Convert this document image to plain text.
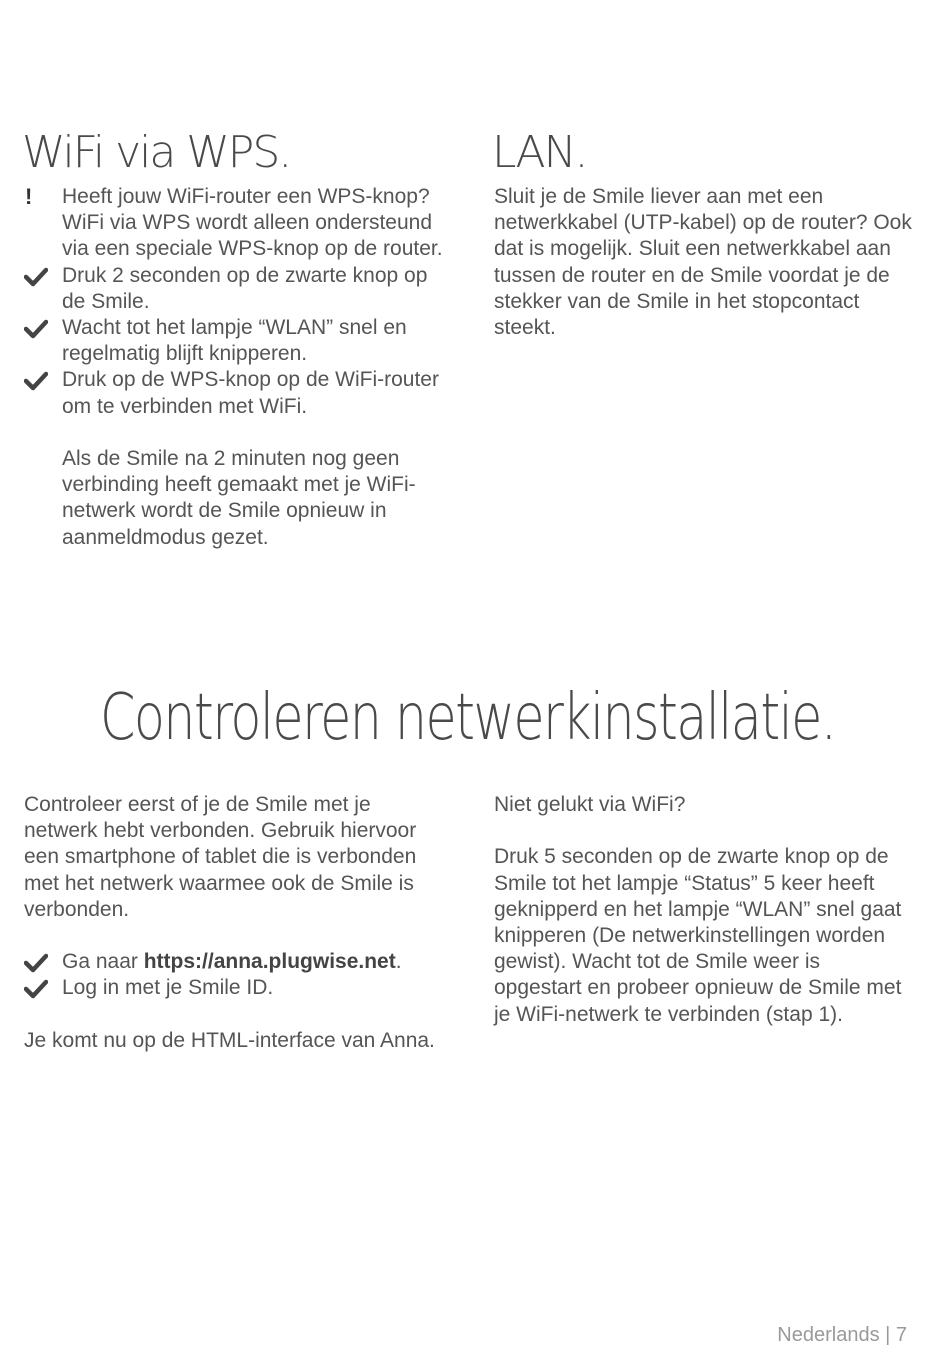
WiFi via WPS.
! Heeft jouw WiFi-router een WPS-knop? WiFi via WPS wordt alleen ondersteund via een speciale WPS-knop op de router.
Druk 2 seconden op de zwarte knop op de Smile.
Wacht tot het lampje “WLAN” snel en regelmatig blijft knipperen.
Druk op de WPS-knop op de WiFi-router om te verbinden met WiFi.
Als de Smile na 2 minuten nog geen verbinding heeft gemaakt met je WiFi-netwerk wordt de Smile opnieuw in aanmeldmodus gezet.
LAN.
Sluit je de Smile liever aan met een netwerkkabel (UTP-kabel) op de router? Ook dat is mogelijk. Sluit een netwerkkabel aan tussen de router en de Smile voordat je de stekker van de Smile in het stopcontact steekt.
Controleren netwerkinstallatie.
Controleer eerst of je de Smile met je netwerk hebt verbonden. Gebruik hiervoor een smartphone of tablet die is verbonden met het netwerk waarmee ook de Smile is verbonden.
Ga naar https://anna.plugwise.net.
Log in met je Smile ID.
Je komt nu op de HTML-interface van Anna.
Niet gelukt via WiFi?
Druk 5 seconden op de zwarte knop op de Smile tot het lampje “Status” 5 keer heeft geknipperd en het lampje “WLAN” snel gaat knipperen (De netwerkinstellingen worden gewist). Wacht tot de Smile weer is opgestart en probeer opnieuw de Smile met je WiFi-netwerk te verbinden (stap 1).
Nederlands | 7
